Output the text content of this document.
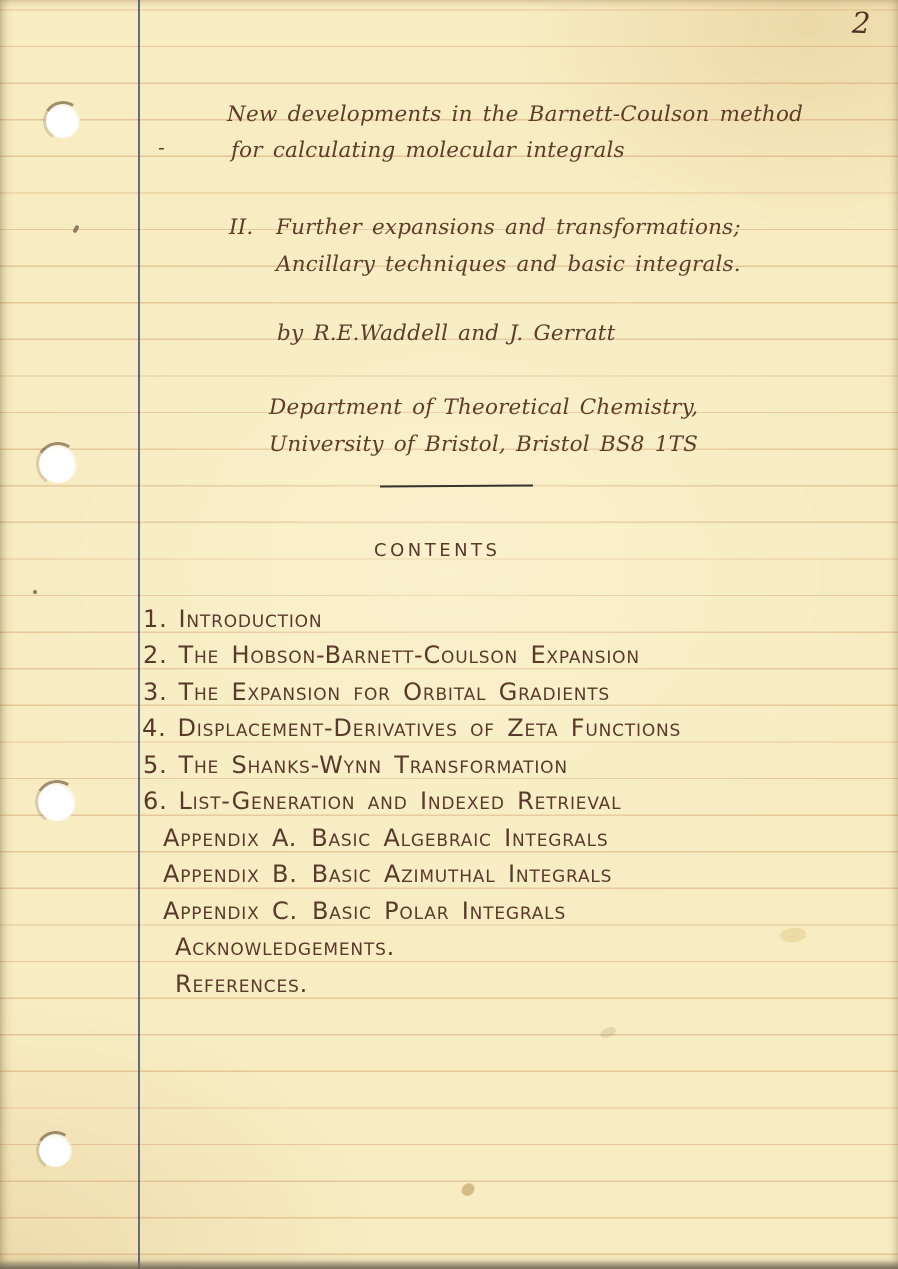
2
New developments in the Barnett-Coulson method
for calculating molecular integrals
-
II. Further expansions and transformations;
Ancillary techniques and basic integrals.
by R.E.Waddell and J. Gerratt
Department of Theoretical Chemistry,
University of Bristol, Bristol BS8 1TS
CONTENTS
1. Introduction
2. The Hobson-Barnett-Coulson Expansion
3. The Expansion for Orbital Gradients
4. Displacement-Derivatives of Zeta Functions
5. The Shanks-Wynn Transformation
6. List-Generation and Indexed Retrieval
Appendix A. Basic Algebraic Integrals
Appendix B. Basic Azimuthal Integrals
Appendix C. Basic Polar Integrals
Acknowledgements.
References.
